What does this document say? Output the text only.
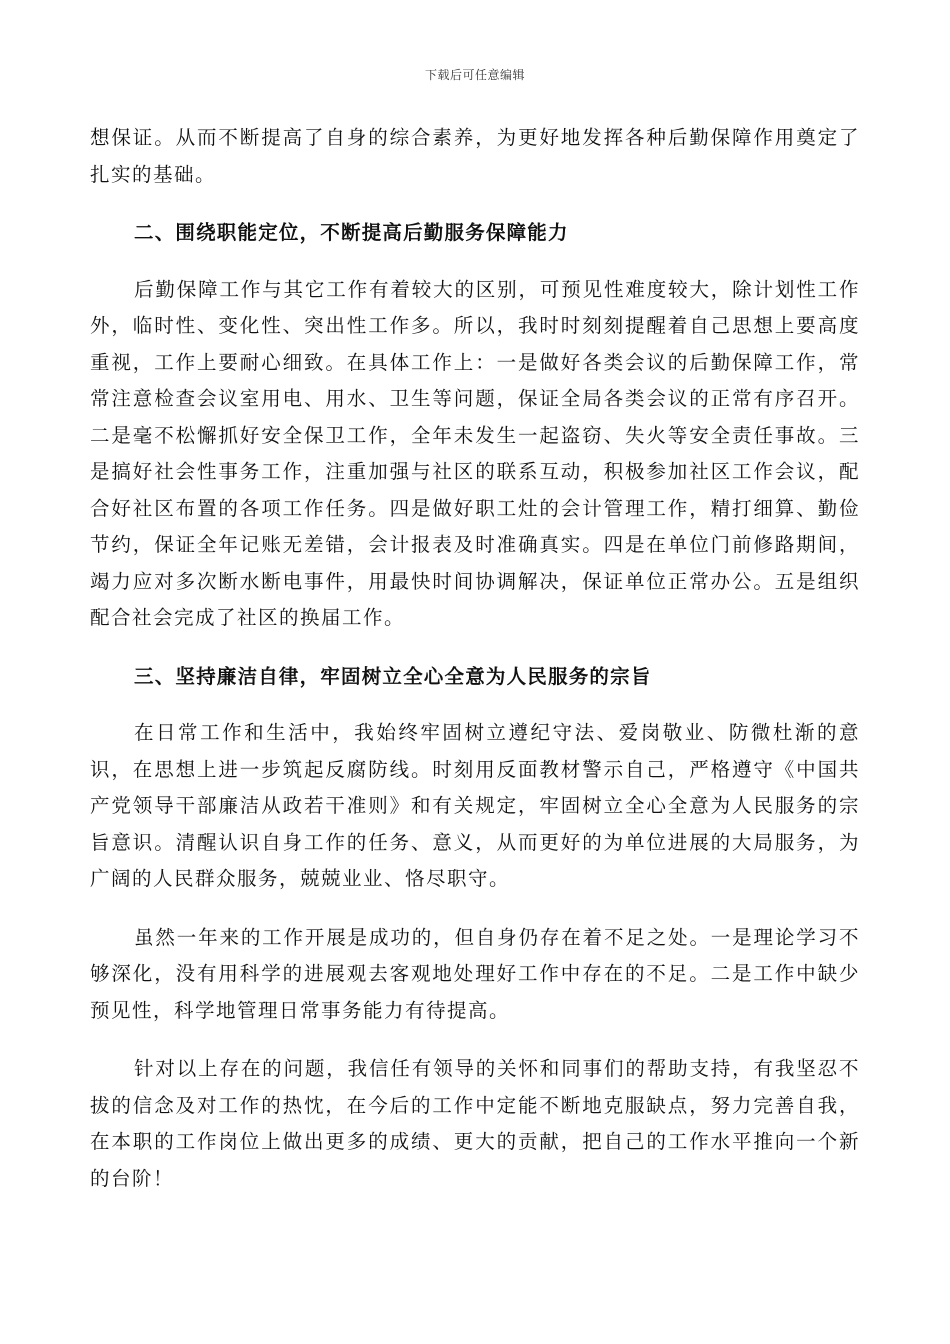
下载后可任意编辑

想保证。从而不断提高了自身的综合素养，为更好地发挥各种后勤保障作用奠定了扎实的基础。

二、围绕职能定位，不断提高后勤服务保障能力

后勤保障工作与其它工作有着较大的区别，可预见性难度较大，除计划性工作外，临时性、变化性、突出性工作多。所以，我时时刻刻提醒着自己思想上要高度重视，工作上要耐心细致。在具体工作上：一是做好各类会议的后勤保障工作，常常注意检查会议室用电、用水、卫生等问题，保证全局各类会议的正常有序召开。二是毫不松懈抓好安全保卫工作，全年未发生一起盗窃、失火等安全责任事故。三是搞好社会性事务工作，注重加强与社区的联系互动，积极参加社区工作会议，配合好社区布置的各项工作任务。四是做好职工灶的会计管理工作，精打细算、勤俭节约，保证全年记账无差错，会计报表及时准确真实。四是在单位门前修路期间，竭力应对多次断水断电事件，用最快时间协调解决，保证单位正常办公。五是组织配合社会完成了社区的换届工作。

三、坚持廉洁自律，牢固树立全心全意为人民服务的宗旨

在日常工作和生活中，我始终牢固树立遵纪守法、爱岗敬业、防微杜渐的意识，在思想上进一步筑起反腐防线。时刻用反面教材警示自己，严格遵守《中国共产党领导干部廉洁从政若干准则》和有关规定，牢固树立全心全意为人民服务的宗旨意识。清醒认识自身工作的任务、意义，从而更好的为单位进展的大局服务，为广阔的人民群众服务，兢兢业业、恪尽职守。

虽然一年来的工作开展是成功的，但自身仍存在着不足之处。一是理论学习不够深化，没有用科学的进展观去客观地处理好工作中存在的不足。二是工作中缺少预见性，科学地管理日常事务能力有待提高。

针对以上存在的问题，我信任有领导的关怀和同事们的帮助支持，有我坚忍不拔的信念及对工作的热忱，在今后的工作中定能不断地克服缺点，努力完善自我，在本职的工作岗位上做出更多的成绩、更大的贡献，把自己的工作水平推向一个新的台阶！
